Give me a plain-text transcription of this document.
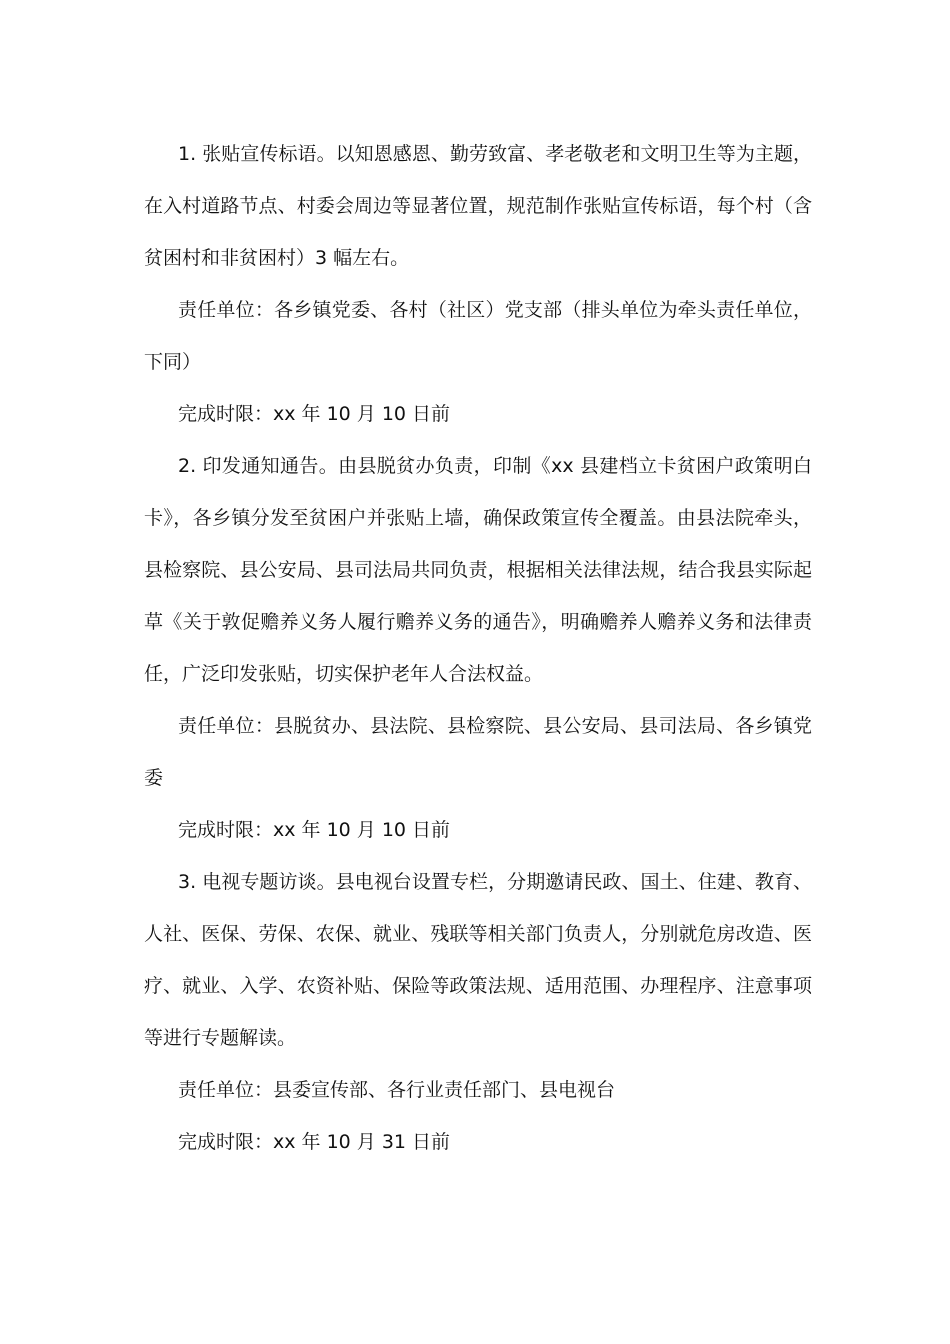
1. 张贴宣传标语。以知恩感恩、勤劳致富、孝老敬老和文明卫生等为主题，在入村道路节点、村委会周边等显著位置，规范制作张贴宣传标语，每个村（含贫困村和非贫困村）3 幅左右。

责任单位：各乡镇党委、各村（社区）党支部（排头单位为牵头责任单位，下同）

完成时限：xx 年 10 月 10 日前

2. 印发通知通告。由县脱贫办负责，印制《xx 县建档立卡贫困户政策明白卡》，各乡镇分发至贫困户并张贴上墙，确保政策宣传全覆盖。由县法院牵头，县检察院、县公安局、县司法局共同负责，根据相关法律法规，结合我县实际起草《关于敦促赡养义务人履行赡养义务的通告》，明确赡养人赡养义务和法律责任，广泛印发张贴，切实保护老年人合法权益。

责任单位：县脱贫办、县法院、县检察院、县公安局、县司法局、各乡镇党委

完成时限：xx 年 10 月 10 日前

3. 电视专题访谈。县电视台设置专栏，分期邀请民政、国土、住建、教育、人社、医保、劳保、农保、就业、残联等相关部门负责人，分别就危房改造、医疗、就业、入学、农资补贴、保险等政策法规、适用范围、办理程序、注意事项等进行专题解读。

责任单位：县委宣传部、各行业责任部门、县电视台

完成时限：xx 年 10 月 31 日前
